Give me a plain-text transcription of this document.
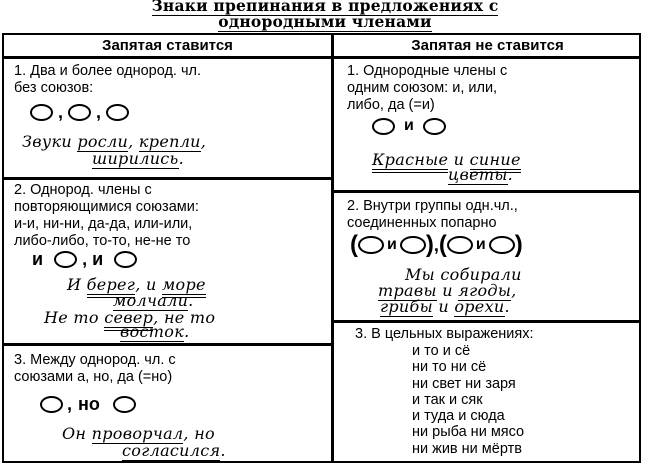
Знаки препинания в предложениях с
однородными членами
Запятая ставится	Запятая не ставится
1. Два и более однород. чл.
без союзов:
, ,
Звуки росли, крепли,
ширились.
2. Однород. члены с
повторяющимися союзами:
и-и, ни-ни, да-да, или-или,
либо-либо, то-то, не-не то
и
, и

И берег, и море
молчали.
Не то север, не то
восток.
3. Между однород. чл. с
союзами а, но, да (=но)
, но

Он проворчал, но
согласился.
1. Однородные члены с
одним союзом: и, или,
либо, да (=и)
и
Красные и синие
цветы.
2. Внутри группы одн.чл.,
соединенных попарно
( и ) , ( и )
Мы собирали
травы и ягоды,
грибы и орехи.
3. В цельных выражениях:
и то и сё
ни то ни сё
ни свет ни заря
и так и сяк
и туда и сюда
ни рыба ни мясо
ни жив ни мёртв
